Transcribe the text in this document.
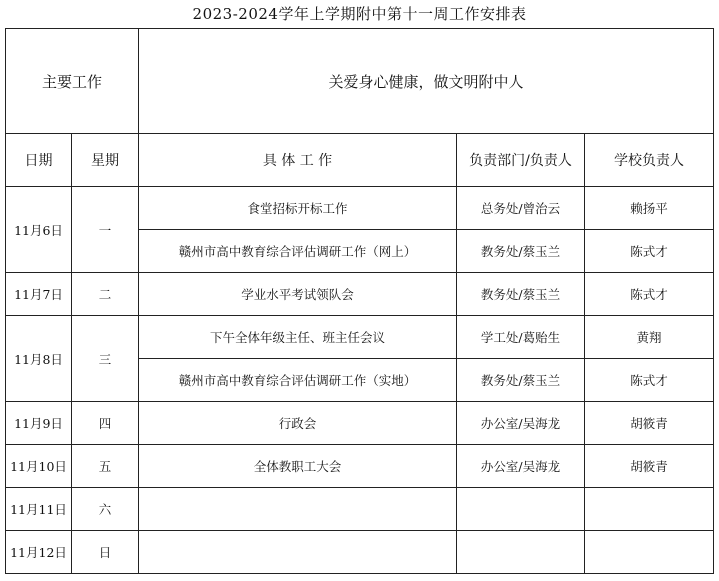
2023-2024学年上学期附中第十一周工作安排表
主要工作		关爱身心健康，做文明附中人		
日期	星期	具 体 工 作	负责部门/负责人	学校负责人
11月6日	一	食堂招标开标工作	总务处/曾治云	赖扬平
		赣州市高中教育综合评估调研工作（网上）	教务处/蔡玉兰	陈式才
11月7日	二	学业水平考试领队会	教务处/蔡玉兰	陈式才
11月8日	三	下午全体年级主任、班主任会议	学工处/葛贻生	黄翔
		赣州市高中教育综合评估调研工作（实地）	教务处/蔡玉兰	陈式才
11月9日	四	行政会	办公室/吴海龙	胡筱青
11月10日	五	全体教职工大会	办公室/吴海龙	胡筱青
11月11日	六			
11月12日	日			
